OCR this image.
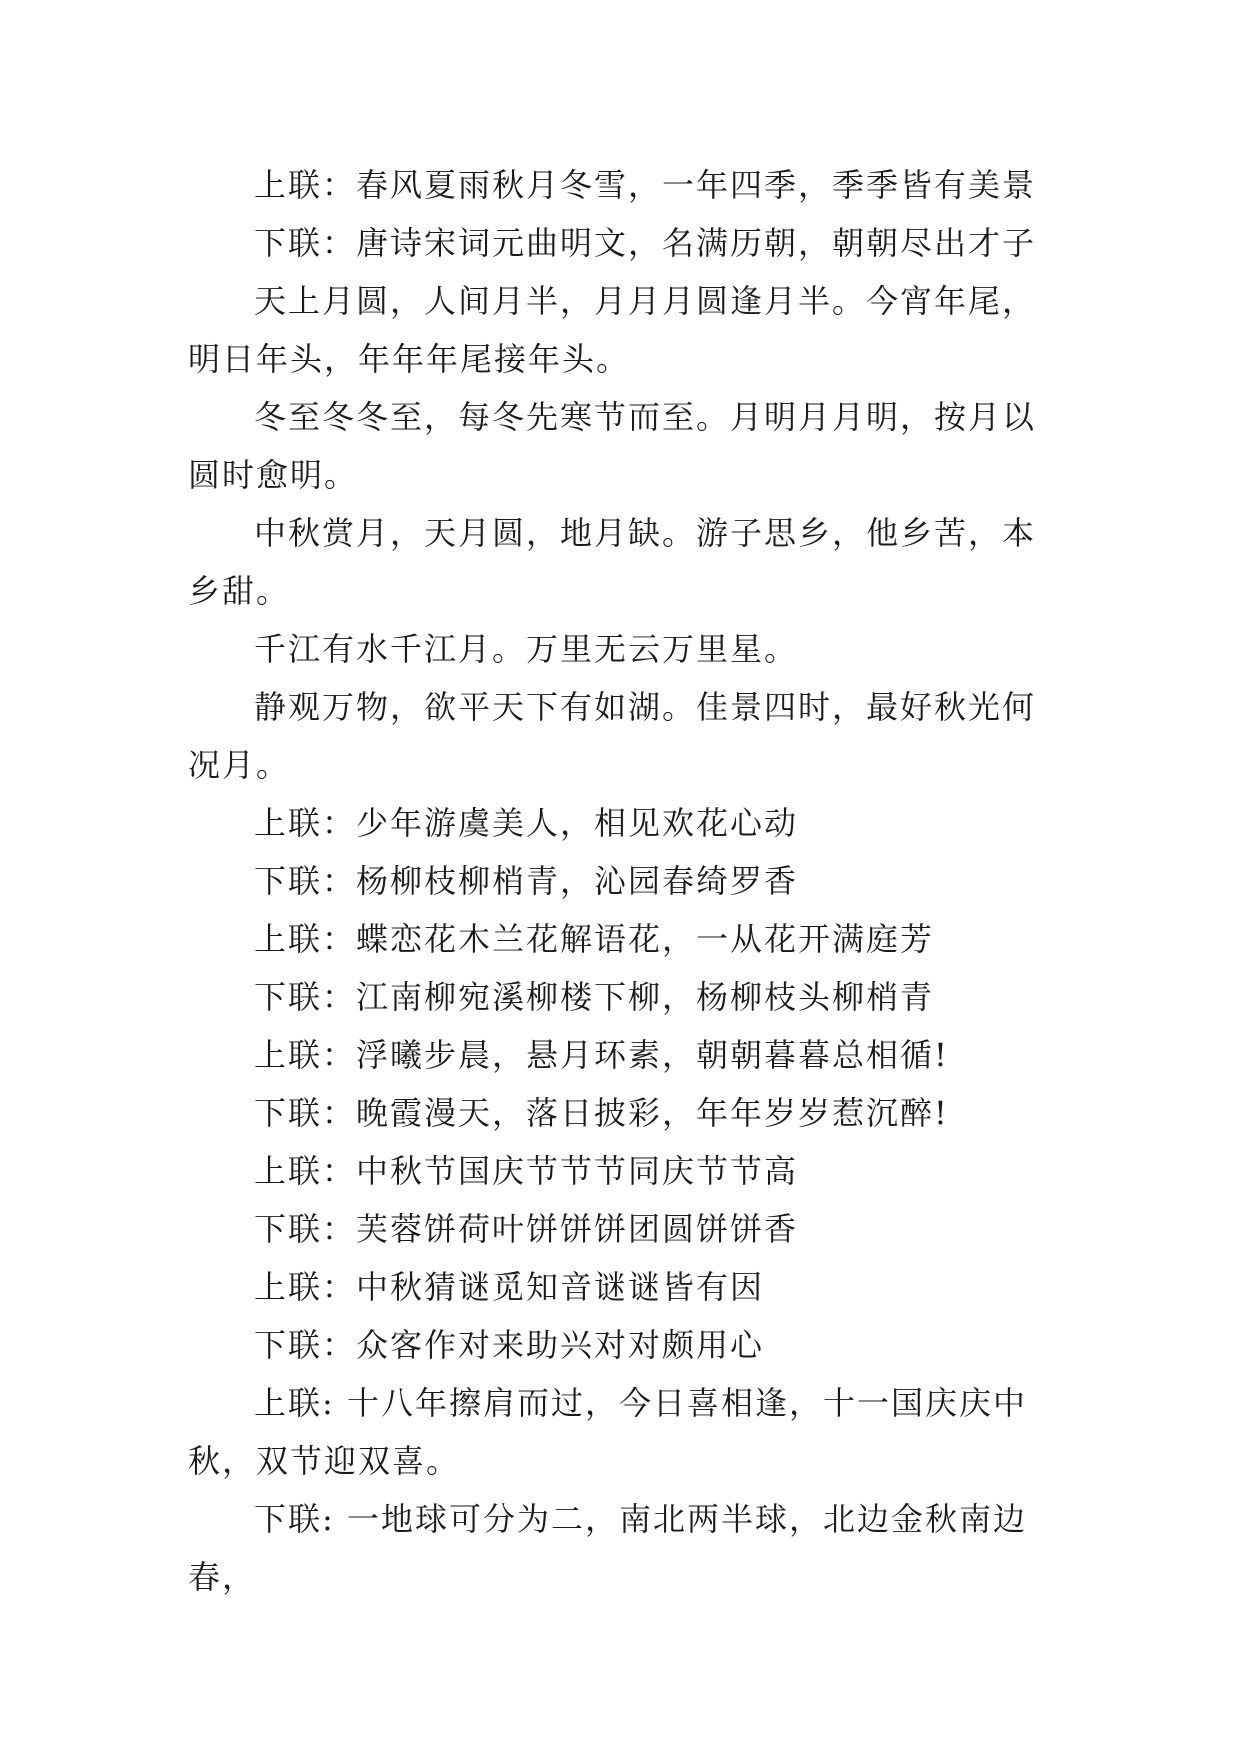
上联：春风夏雨秋月冬雪，一年四季，季季皆有美景

下联：唐诗宋词元曲明文，名满历朝，朝朝尽出才子

天上月圆，人间月半，月月月圆逢月半。今宵年尾，明日年头，年年年尾接年头。

冬至冬冬至，每冬先寒节而至。月明月月明，按月以圆时愈明。

中秋赏月，天月圆，地月缺。游子思乡，他乡苦，本乡甜。

千江有水千江月。万里无云万里星。

静观万物，欲平天下有如湖。佳景四时，最好秋光何况月。

上联：少年游虞美人，相见欢花心动

下联：杨柳枝柳梢青，沁园春绮罗香

上联：蝶恋花木兰花解语花，一从花开满庭芳

下联：江南柳宛溪柳楼下柳，杨柳枝头柳梢青

上联：浮曦步晨，悬月环素，朝朝暮暮总相循!

下联：晚霞漫天，落日披彩，年年岁岁惹沉醉!

上联：中秋节国庆节节节同庆节节高

下联：芙蓉饼荷叶饼饼饼团圆饼饼香

上联：中秋猜谜觅知音谜谜皆有因

下联：众客作对来助兴对对颇用心

上联: 十八年擦肩而过，今日喜相逢，十一国庆庆中秋，双节迎双喜。

下联: 一地球可分为二，南北两半球，北边金秋南边春，
